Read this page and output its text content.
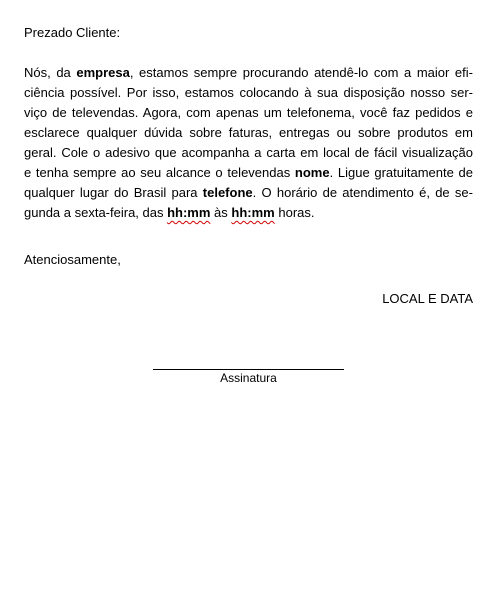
Prezado Cliente:
Nós, da empresa, estamos sempre procurando atendê-lo com a maior efi-
ciência possível. Por isso, estamos colocando à sua disposição nosso ser-
viço de televendas. Agora, com apenas um telefonema, você faz pedidos e
esclarece qualquer dúvida sobre faturas, entregas ou sobre produtos em
geral. Cole o adesivo que acompanha a carta em local de fácil visualização
e tenha sempre ao seu alcance o televendas nome. Ligue gratuitamente de
qualquer lugar do Brasil para telefone. O horário de atendimento é, de se-
gunda a sexta-feira, das hh:mm às hh:mm horas.
Atenciosamente,
LOCAL E DATA
Assinatura
